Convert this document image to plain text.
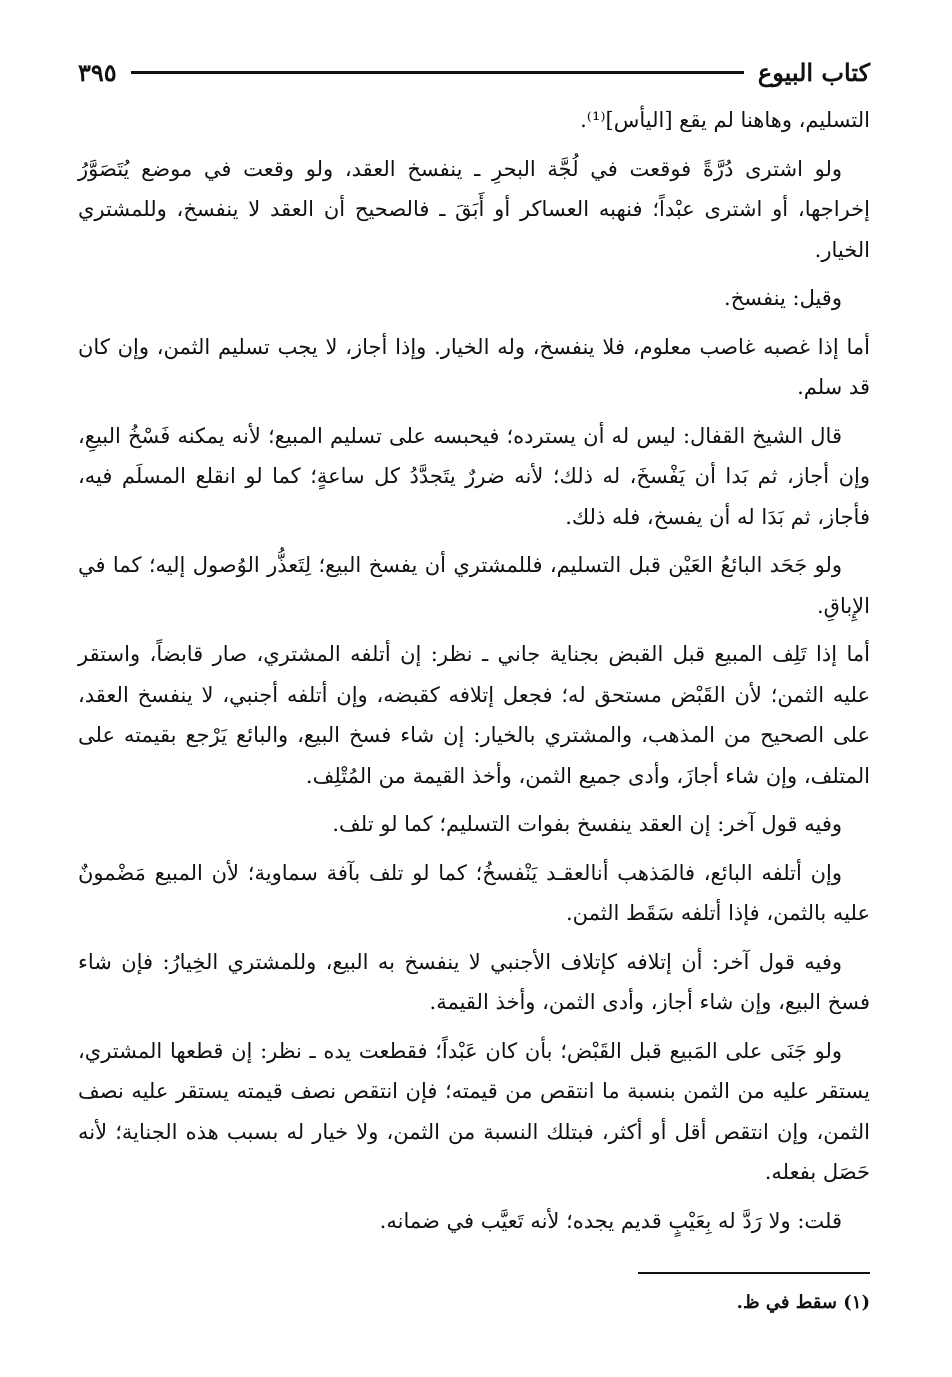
كتاب البيوع
٣٩٥

التسليم، وهاهنا لم يقع [اليأس]⁽¹⁾.

ولو اشترى دُرَّةً فوقعت في لُجَّة البحرِ ـ ينفسخ العقد، ولو وقعت في موضع يُتَصَوَّرُ إخراجها، أو اشترى عبْداً؛ فنهبه العساكر أو أَبَقَ ـ فالصحيح أن العقد لا ينفسخ، وللمشتري الخيار.

وقيل: ينفسخ.

أما إذا غصبه غاصب معلوم، فلا ينفسخ، وله الخيار. وإذا أجاز، لا يجب تسليم الثمن، وإن كان قد سلم.

قال الشيخ القفال: ليس له أن يسترده؛ فيحبسه على تسليم المبيع؛ لأنه يمكنه فَسْخُ البيعِ، وإن أجاز، ثم بَدا أن يَفْسخَ، له ذلك؛ لأنه ضررٌ يتَجدَّدُ كل ساعةٍ؛ كما لو انقلع المسلَم فيه، فأجاز، ثم بَدَا له أن يفسخ، فله ذلك.

ولو جَحَد البائعُ العَيْن قبل التسليم، فللمشتري أن يفسخ البيع؛ لِتَعذُّر الوُصول إليه؛ كما في الإِباقِ.

أما إذا تَلِف المبيع قبل القبض بجناية جاني ـ نظر: إن أتلفه المشتري، صار قابضاً، واستقر عليه الثمن؛ لأن القَبْض مستحق له؛ فجعل إتلافه كقبضه، وإن أتلفه أجنبي، لا ينفسخ العقد، على الصحيح من المذهب، والمشتري بالخيار: إن شاء فسخ البيع، والبائع يَرْجع بقيمته على المتلف، وإن شاء أجازَ، وأدى جميع الثمن، وأخذ القيمة من المُتْلِف.

وفيه قول آخر: إن العقد ينفسخ بفوات التسليم؛ كما لو تلف.

وإن أتلفه البائع، فالمَذهب أنالعقـد يَنْفسخُ؛ كما لو تلف بآفة سماوية؛ لأن المبيع مَضْمونٌ عليه بالثمن، فإذا أتلفه سَقَط الثمن.

وفيه قول آخر: أن إتلافه كإتلاف الأجنبي لا ينفسخ به البيع، وللمشتري الخِيارُ: فإن شاء فسخ البيع، وإن شاء أجاز، وأدى الثمن، وأخذ القيمة.

ولو جَنَى على المَبيع قبل القَبْض؛ بأن كان عَبْداً؛ فقطعت يده ـ نظر: إن قطعها المشتري، يستقر عليه من الثمن بنسبة ما انتقص من قيمته؛ فإن انتقص نصف قيمته يستقر عليه نصف الثمن، وإن انتقص أقل أو أكثر، فبتلك النسبة من الثمن، ولا خيار له بسبب هذه الجناية؛ لأنه حَصَل بفعله.

قلت: ولا رَدَّ له بِعَيْبٍ قديم يجده؛ لأنه تَعيَّب في ضمانه.

(١) سقط في ظ.
